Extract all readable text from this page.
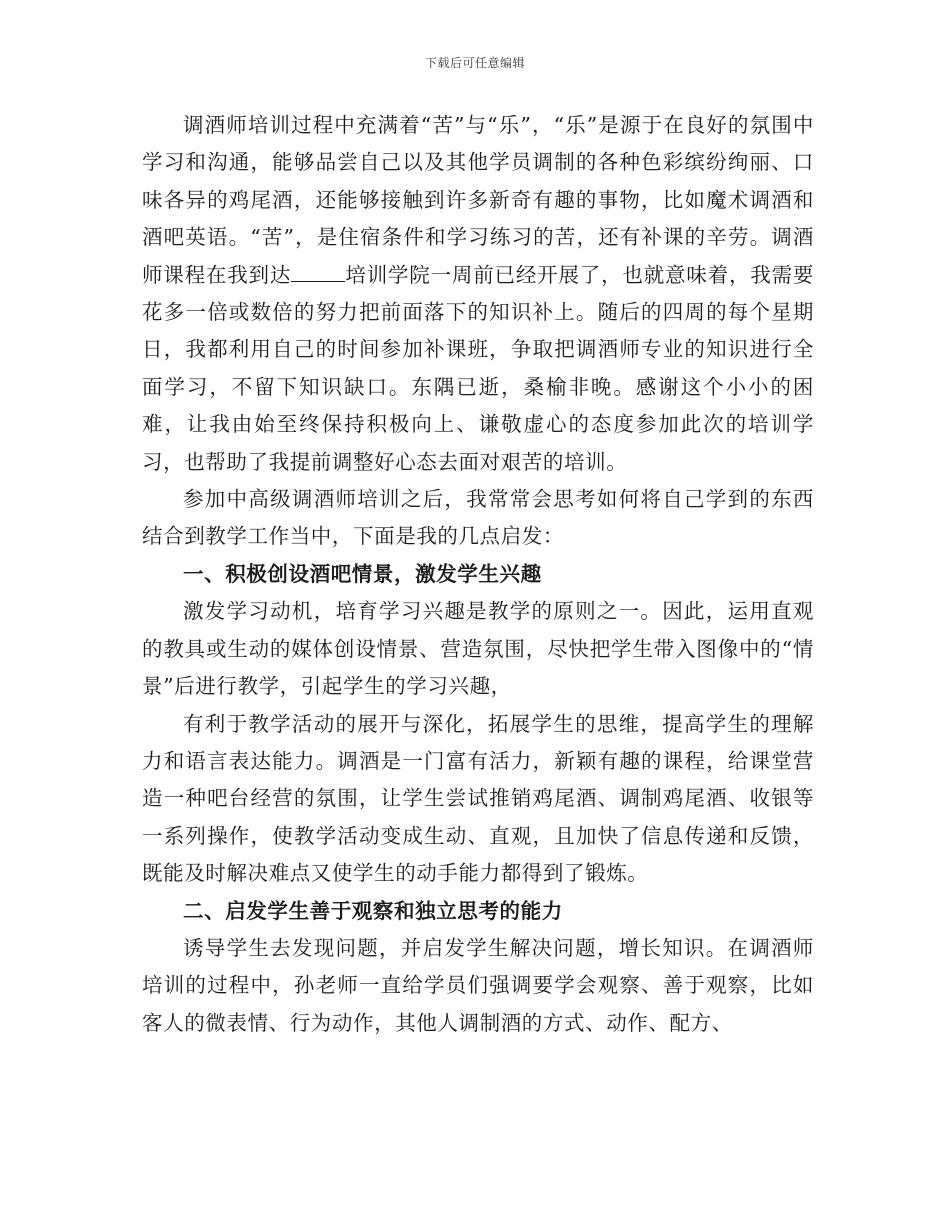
下载后可任意编辑

调酒师培训过程中充满着“苦”与“乐”，“乐”是源于在良好的氛围中学习和沟通，能够品尝自己以及其他学员调制的各种色彩缤纷绚丽、口味各异的鸡尾酒，还能够接触到许多新奇有趣的事物，比如魔术调酒和酒吧英语。“苦”，是住宿条件和学习练习的苦，还有补课的辛劳。调酒师课程在我到达	培训学院一周前已经开展了，也就意味着，我需要花多一倍或数倍的努力把前面落下的知识补上。随后的四周的每个星期日，我都利用自己的时间参加补课班，争取把调酒师专业的知识进行全面学习，不留下知识缺口。东隅已逝，桑榆非晚。感谢这个小小的困难，让我由始至终保持积极向上、谦敬虚心的态度参加此次的培训学习，也帮助了我提前调整好心态去面对艰苦的培训。

参加中高级调酒师培训之后，我常常会思考如何将自己学到的东西结合到教学工作当中，下面是我的几点启发：

一、积极创设酒吧情景，激发学生兴趣

激发学习动机，培育学习兴趣是教学的原则之一。因此，运用直观的教具或生动的媒体创设情景、营造氛围，尽快把学生带入图像中的“情景”后进行教学，引起学生的学习兴趣，

有利于教学活动的展开与深化，拓展学生的思维，提高学生的理解力和语言表达能力。调酒是一门富有活力，新颖有趣的课程，给课堂营造一种吧台经营的氛围，让学生尝试推销鸡尾酒、调制鸡尾酒、收银等一系列操作，使教学活动变成生动、直观，且加快了信息传递和反馈，既能及时解决难点又使学生的动手能力都得到了锻炼。

二、启发学生善于观察和独立思考的能力

诱导学生去发现问题，并启发学生解决问题，增长知识。在调酒师培训的过程中，孙老师一直给学员们强调要学会观察、善于观察，比如客人的微表情、行为动作，其他人调制酒的方式、动作、配方、
